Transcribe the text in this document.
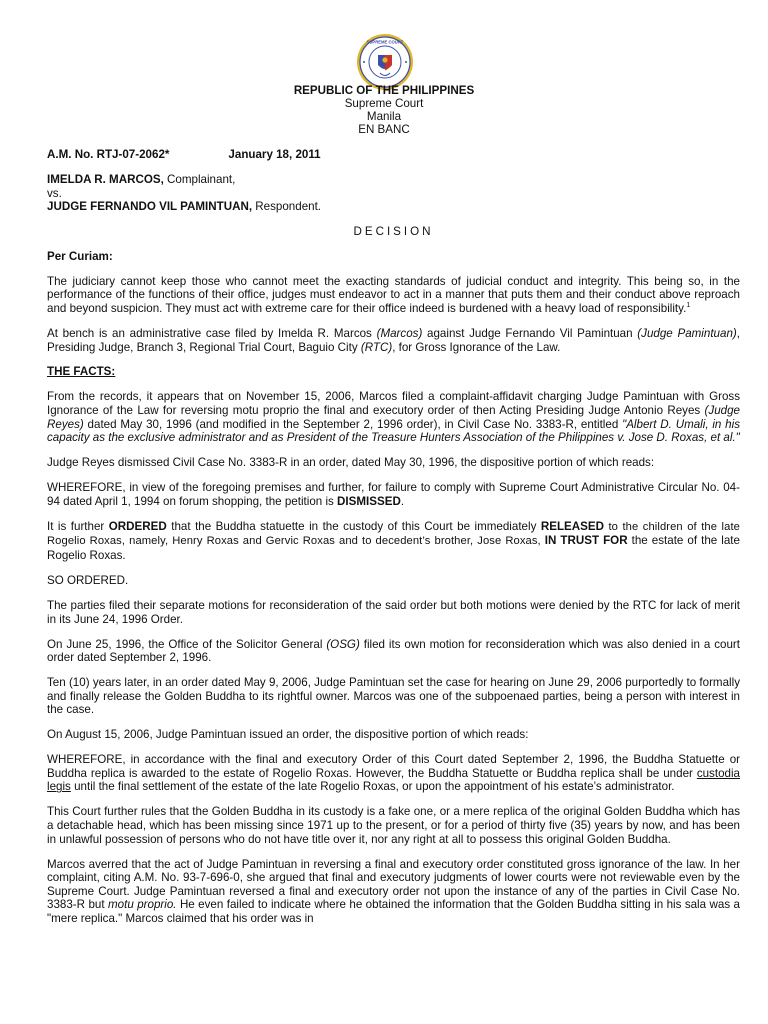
SUPREME COURT
REPUBLIC OF THE PHILIPPINES
Supreme Court
Manila
EN BANC
A.M. No. RTJ-07-2062*	January 18, 2011
IMELDA R. MARCOS, Complainant,
vs.
JUDGE FERNANDO VIL PAMINTUAN, Respondent.
DECISION
Per Curiam:

The judiciary cannot keep those who cannot meet the exacting standards of judicial conduct and integrity. This being so, in the performance of the functions of their office, judges must endeavor to act in a manner that puts them and their conduct above reproach and beyond suspicion. They must act with extreme care for their office indeed is burdened with a heavy load of responsibility.$^1$

At bench is an administrative case filed by Imelda R. Marcos (Marcos) against Judge Fernando Vil Pamintuan (Judge Pamintuan), Presiding Judge, Branch 3, Regional Trial Court, Baguio City (RTC), for Gross Ignorance of the Law.

THE FACTS:

From the records, it appears that on November 15, 2006, Marcos filed a complaint-affidavit charging Judge Pamintuan with Gross Ignorance of the Law for reversing motu proprio the final and executory order of then Acting Presiding Judge Antonio Reyes (Judge Reyes) dated May 30, 1996 (and modified in the September 2, 1996 order), in Civil Case No. 3383-R, entitled "Albert D. Umali, in his capacity as the exclusive administrator and as President of the Treasure Hunters Association of the Philippines v. Jose D. Roxas, et al."

Judge Reyes dismissed Civil Case No. 3383-R in an order, dated May 30, 1996, the dispositive portion of which reads:

WHEREFORE, in view of the foregoing premises and further, for failure to comply with Supreme Court Administrative Circular No. 04-94 dated April 1, 1994 on forum shopping, the petition is DISMISSED.

It is further ORDERED that the Buddha statuette in the custody of this Court be immediately RELEASED to the children of the late Rogelio Roxas, namely, Henry Roxas and Gervic Roxas and to decedent’s brother, Jose Roxas, IN TRUST FOR the estate of the late Rogelio Roxas.

SO ORDERED.

The parties filed their separate motions for reconsideration of the said order but both motions were denied by the RTC for lack of merit in its June 24, 1996 Order.

On June 25, 1996, the Office of the Solicitor General (OSG) filed its own motion for reconsideration which was also denied in a court order dated September 2, 1996.

Ten (10) years later, in an order dated May 9, 2006, Judge Pamintuan set the case for hearing on June 29, 2006 purportedly to formally and finally release the Golden Buddha to its rightful owner. Marcos was one of the subpoenaed parties, being a person with interest in the case.

On August 15, 2006, Judge Pamintuan issued an order, the dispositive portion of which reads:

WHEREFORE, in accordance with the final and executory Order of this Court dated September 2, 1996, the Buddha Statuette or Buddha replica is awarded to the estate of Rogelio Roxas. However, the Buddha Statuette or Buddha replica shall be under custodia legis until the final settlement of the estate of the late Rogelio Roxas, or upon the appointment of his estate’s administrator.

This Court further rules that the Golden Buddha in its custody is a fake one, or a mere replica of the original Golden Buddha which has a detachable head, which has been missing since 1971 up to the present, or for a period of thirty five (35) years by now, and has been in unlawful possession of persons who do not have title over it, nor any right at all to possess this original Golden Buddha.

Marcos averred that the act of Judge Pamintuan in reversing a final and executory order constituted gross ignorance of the law. In her complaint, citing A.M. No. 93-7-696-0, she argued that final and executory judgments of lower courts were not reviewable even by the Supreme Court. Judge Pamintuan reversed a final and executory order not upon the instance of any of the parties in Civil Case No. 3383-R but motu proprio. He even failed to indicate where he obtained the information that the Golden Buddha sitting in his sala was a "mere replica." Marcos claimed that his order was in
